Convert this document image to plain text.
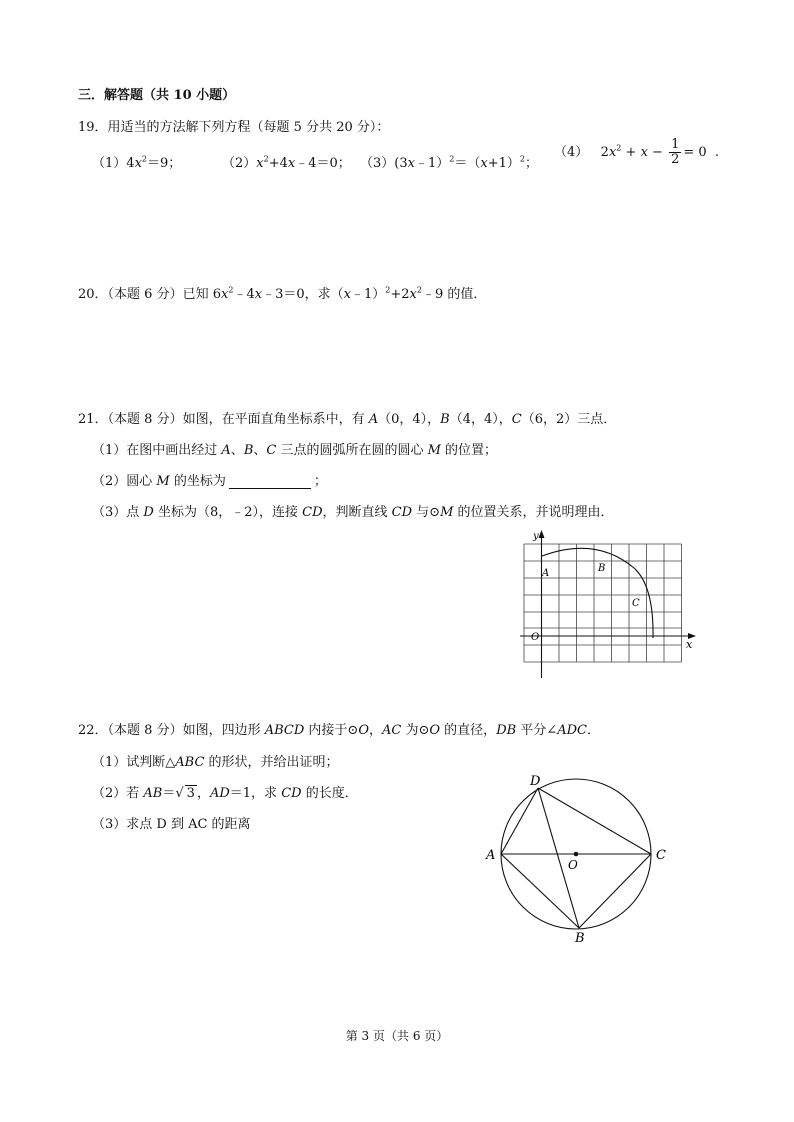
三．解答题（共 10 小题）
19．用适当的方法解下列方程（每题 5 分共 20 分）：
$(1)4x^2=9$；	$(2)x^2+4x﹣4=0$； $(3)(3x﹣1)^2=(x+1)^2$；
（4）   $2x^2 + x - \frac{1}{2} = 0$  .
20．（本题 6 分）已知 $6x^2﹣4x﹣3=0$，求$(x﹣1)^2+2x^2﹣9$ 的值．
21．（本题 8 分）如图，在平面直角坐标系中，有 A（0，4），B（4，4），C（6，2）三点．
（1）在图中画出经过 A、B、C 三点的圆弧所在圆的圆心 M 的位置；
（2）圆心 M 的坐标为	；
（3）点 D 坐标为（8，﹣2），连接 CD，判断直线 CD 与⊙M 的位置关系，并说明理由．
y
x
O
A	B
C
22．（本题 8 分）如图，四边形 ABCD 内接于⊙O，AC 为⊙O 的直径，DB 平分∠ADC．
（1）试判断△ABC 的形状，并给出证明；
（2）若 AB＝√ 3 ，AD＝1，求 CD 的长度．
（3）求点 D 到 AC 的距离
A
B
C
D
O
第 3 页（共 6 页）
